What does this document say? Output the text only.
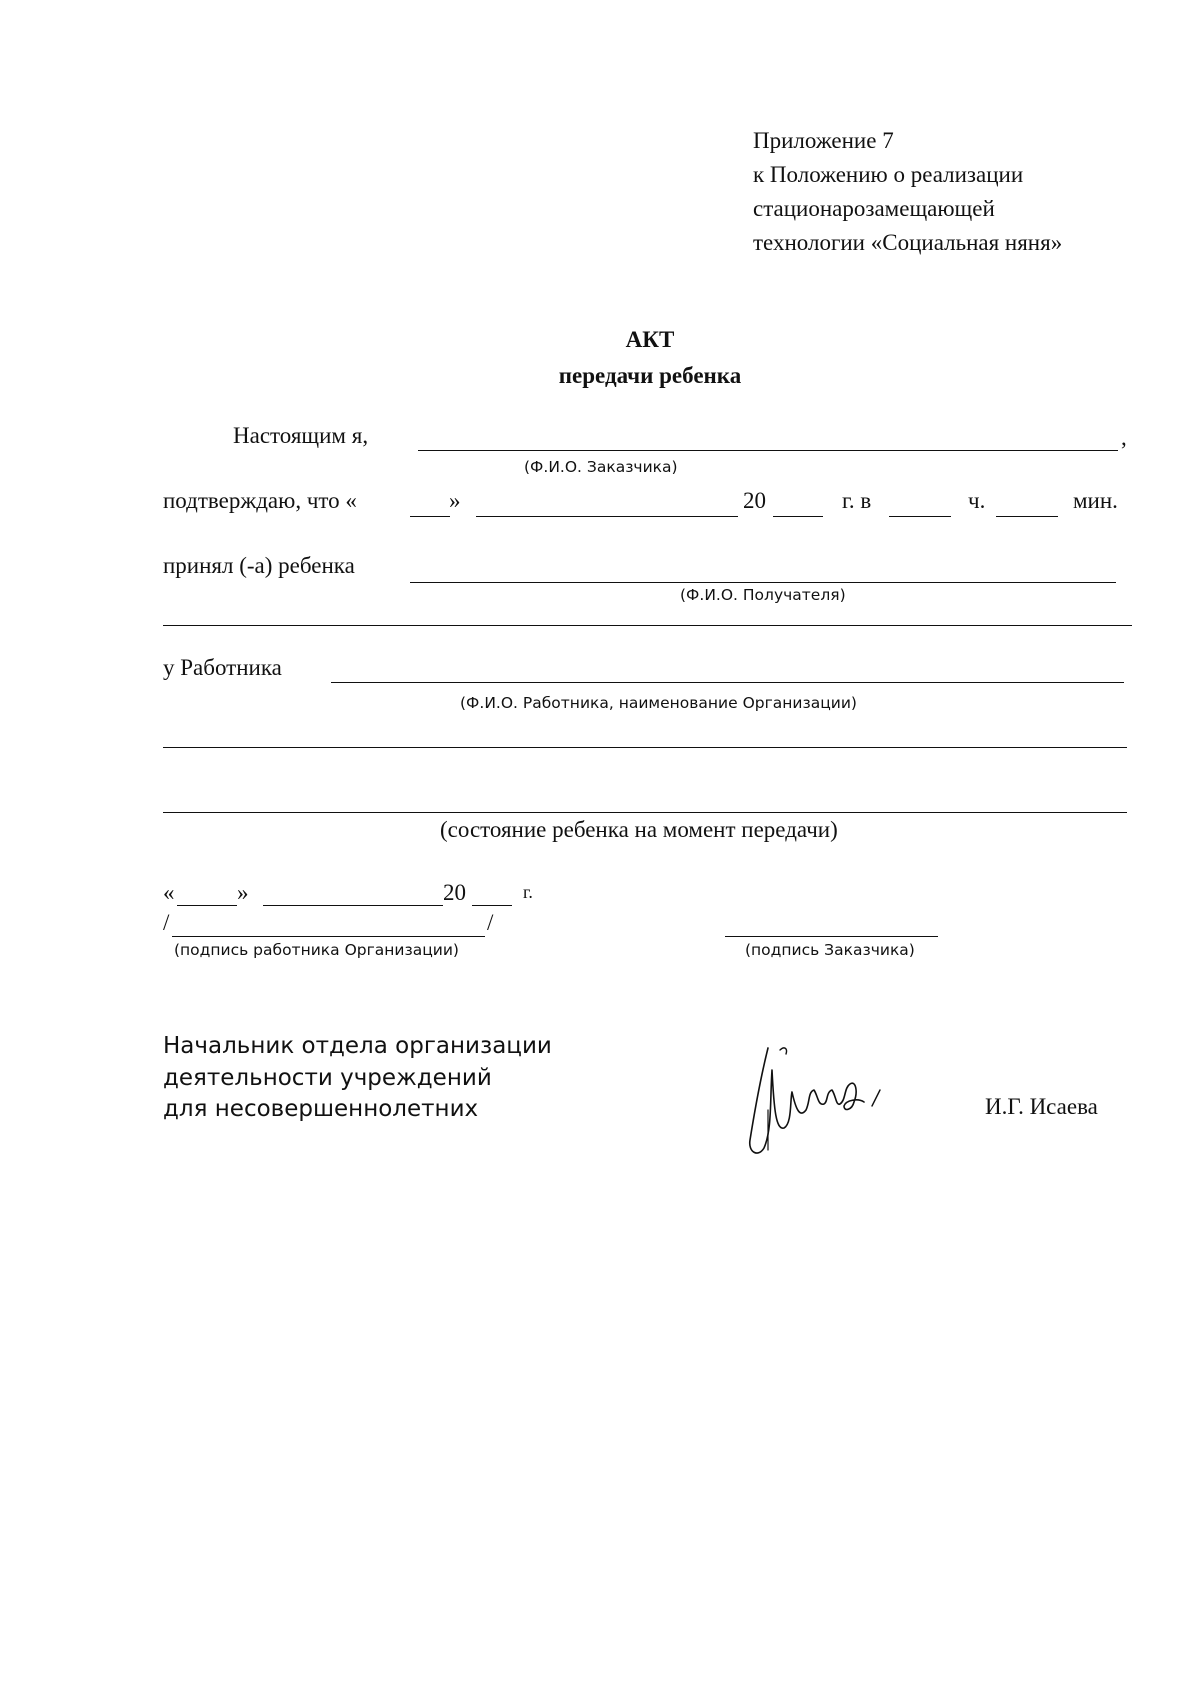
Приложение 7
к Положению о реализации
стационарозамещающей
технологии «Социальная няня»
АКТ
передачи ребенка
Настоящим я,	,
(Ф.И.О. Заказчика)
подтверждаю, что «	»	20	г. в	ч.	мин.
принял (-а) ребенка
(Ф.И.О. Получателя)
у Работника
(Ф.И.О. Работника, наименование Организации)
(состояние ребенка на момент передачи)
«	»	20	г.
/	/
(подпись работника Организации)	(подпись Заказчика)
Начальник отдела организации
деятельности учреждений
для несовершеннолетних	И.Г. Исаева
